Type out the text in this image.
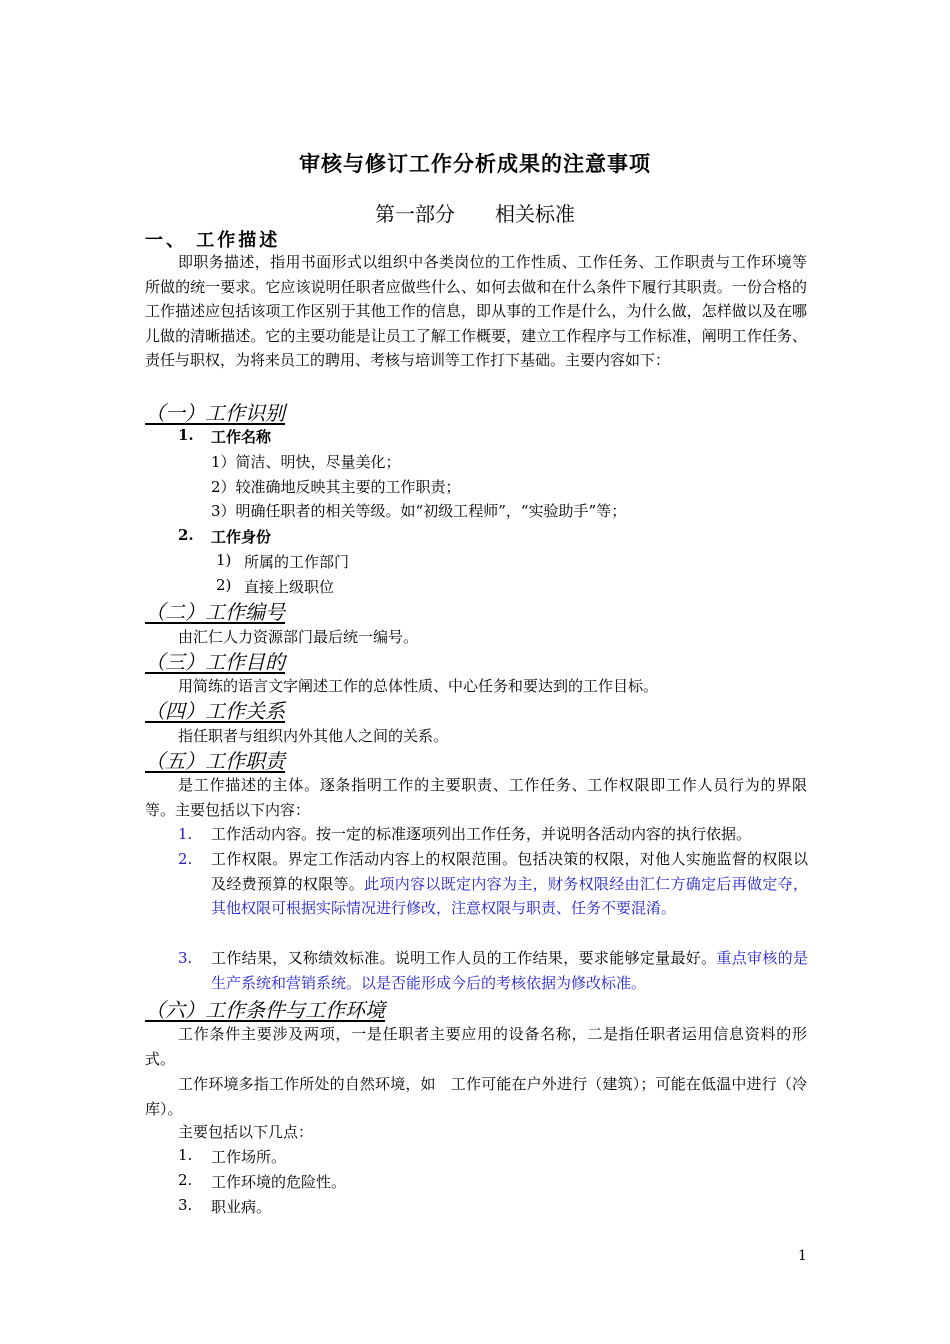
审核与修订工作分析成果的注意事项
第一部分 相关标准
一、 工作描述
即职务描述，指用书面形式以组织中各类岗位的工作性质、工作任务、工作职责与工作环境等所做的统一要求。它应该说明任职者应做些什么、如何去做和在什么条件下履行其职责。一份合格的工作描述应包括该项工作区别于其他工作的信息，即从事的工作是什么，为什么做，怎样做以及在哪儿做的清晰描述。它的主要功能是让员工了解工作概要，建立工作程序与工作标准，阐明工作任务、责任与职权，为将来员工的聘用、考核与培训等工作打下基础。主要内容如下：
（一）工作识别
1. 工作名称
1）简洁、明快，尽量美化；
2）较准确地反映其主要的工作职责；
3）明确任职者的相关等级。如“初级工程师”，“实验助手”等；
2. 工作身份
1) 所属的工作部门
2) 直接上级职位
（二）工作编号
由汇仁人力资源部门最后统一编号。
（三）工作目的
用简练的语言文字阐述工作的总体性质、中心任务和要达到的工作目标。
（四）工作关系
指任职者与组织内外其他人之间的关系。
（五）工作职责
是工作描述的主体。逐条指明工作的主要职责、工作任务、工作权限即工作人员行为的界限等。主要包括以下内容：
1. 工作活动内容。按一定的标准逐项列出工作任务，并说明各活动内容的执行依据。
2. 工作权限。界定工作活动内容上的权限范围。包括决策的权限，对他人实施监督的权限以及经费预算的权限等。此项内容以既定内容为主，财务权限经由汇仁方确定后再做定夺，其他权限可根据实际情况进行修改，注意权限与职责、任务不要混淆。
3. 工作结果，又称绩效标准。说明工作人员的工作结果，要求能够定量最好。重点审核的是生产系统和营销系统。以是否能形成今后的考核依据为修改标准。
（六）工作条件与工作环境
工作条件主要涉及两项，一是任职者主要应用的设备名称，二是指任职者运用信息资料的形式。
工作环境多指工作所处的自然环境，如　工作可能在户外进行（建筑）；可能在低温中进行（冷库）。
主要包括以下几点：
1. 工作场所。
2. 工作环境的危险性。
3. 职业病。
1
